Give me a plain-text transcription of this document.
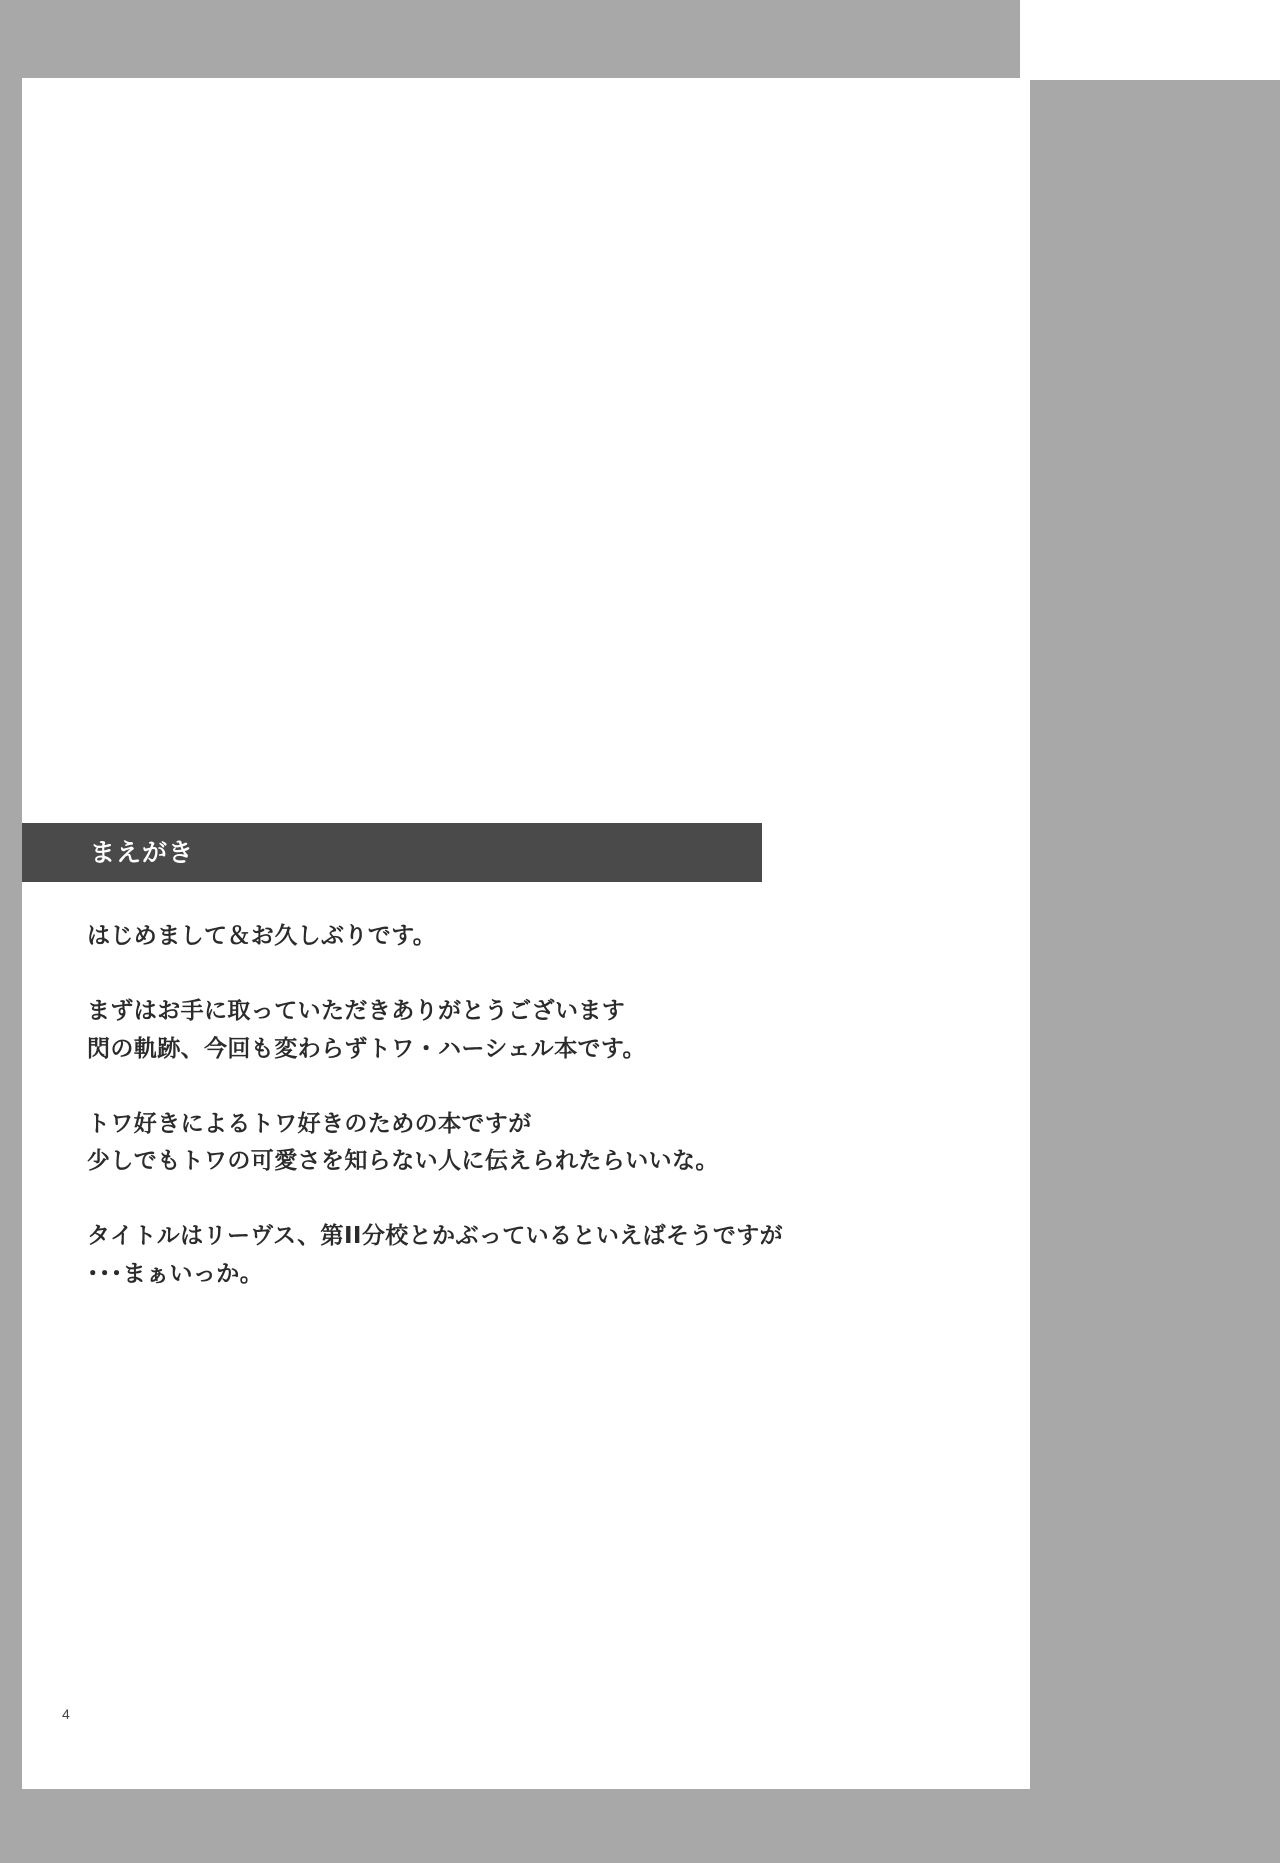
まえがき

はじめまして＆お久しぶりです。

まずはお手に取っていただきありがとうございます
閃の軌跡、今回も変わらずトワ・ハーシェル本です。

トワ好きによるトワ好きのための本ですが
少しでもトワの可愛さを知らない人に伝えられたらいいな。

タイトルはリーヴス、第II分校とかぶっているといえばそうですが
･･･まぁいっか。

4
